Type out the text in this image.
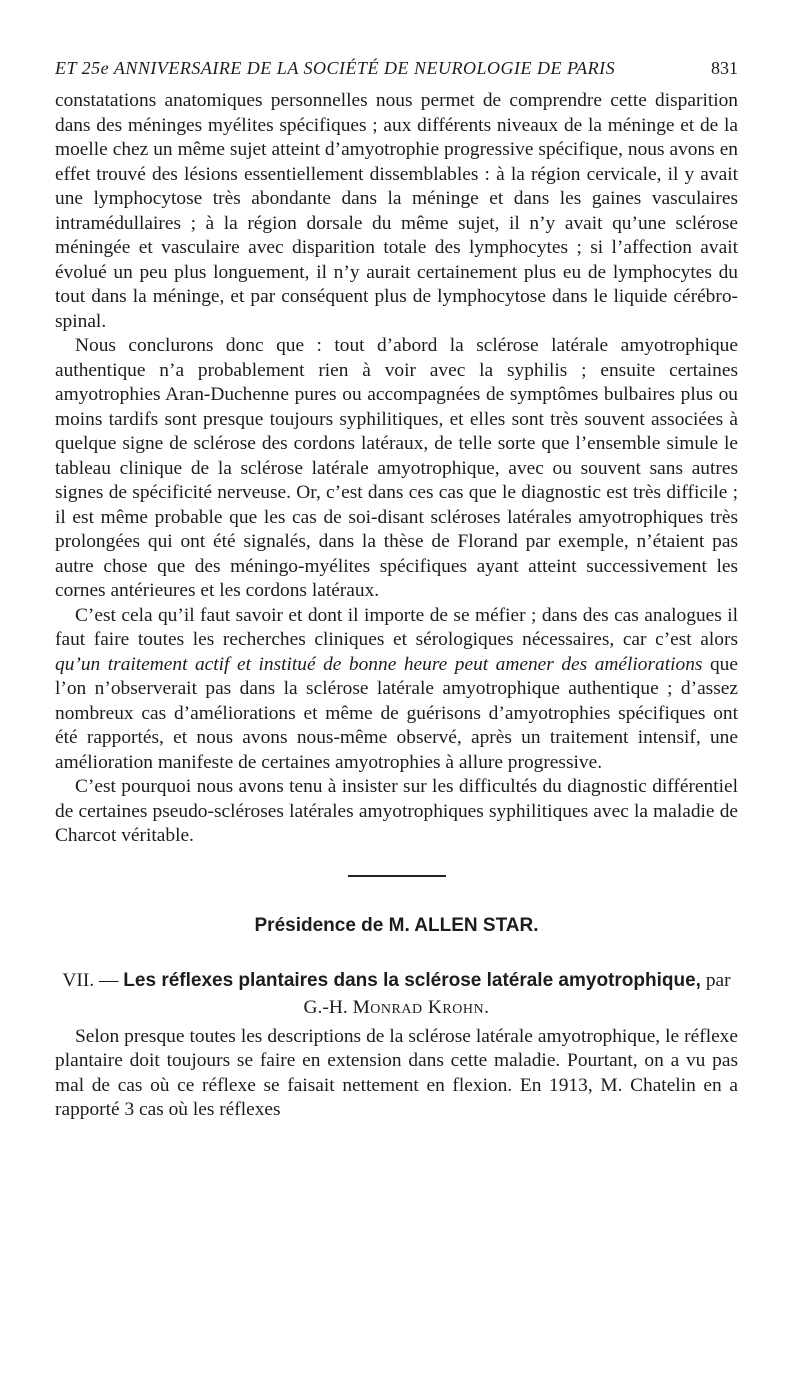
ET 25e ANNIVERSAIRE DE LA SOCIÉTÉ DE NEUROLOGIE DE PARIS	831

constatations anatomiques personnelles nous permet de comprendre cette disparition dans des méninges myélites spécifiques ; aux différents niveaux de la méninge et de la moelle chez un même sujet atteint d’amyotrophie progressive spécifique, nous avons en effet trouvé des lésions essentiellement dissemblables : à la région cervicale, il y avait une lymphocytose très abondante dans la méninge et dans les gaines vasculaires intramédullaires ; à la région dorsale du même sujet, il n’y avait qu’une sclérose méningée et vasculaire avec disparition totale des lymphocytes ; si l’affection avait évolué un peu plus longuement, il n’y aurait certainement plus eu de lymphocytes du tout dans la méninge, et par conséquent plus de lymphocytose dans le liquide cérébro-spinal.

Nous conclurons donc que : tout d’abord la sclérose latérale amyotrophique authentique n’a probablement rien à voir avec la syphilis ; ensuite certaines amyotrophies Aran-Duchenne pures ou accompagnées de symptômes bulbaires plus ou moins tardifs sont presque toujours syphilitiques, et elles sont très souvent associées à quelque signe de sclérose des cordons latéraux, de telle sorte que l’ensemble simule le tableau clinique de la sclérose latérale amyotrophique, avec ou souvent sans autres signes de spécificité nerveuse. Or, c’est dans ces cas que le diagnostic est très difficile ; il est même probable que les cas de soi-disant scléroses latérales amyotrophiques très prolongées qui ont été signalés, dans la thèse de Florand par exemple, n’étaient pas autre chose que des méningo-myélites spécifiques ayant atteint successivement les cornes antérieures et les cordons latéraux.

C’est cela qu’il faut savoir et dont il importe de se méfier ; dans des cas analogues il faut faire toutes les recherches cliniques et sérologiques nécessaires, car c’est alors qu’un traitement actif et institué de bonne heure peut amener des améliorations que l’on n’observerait pas dans la sclérose latérale amyotrophique authentique ; d’assez nombreux cas d’améliorations et même de guérisons d’amyotrophies spécifiques ont été rapportés, et nous avons nous-même observé, après un traitement intensif, une amélioration manifeste de certaines amyotrophies à allure progressive.

C’est pourquoi nous avons tenu à insister sur les difficultés du diagnostic différentiel de certaines pseudo-scléroses latérales amyotrophiques syphilitiques avec la maladie de Charcot véritable.

Présidence de M. ALLEN STAR.
VII. — Les réflexes plantaires dans la sclérose latérale amyotrophique, par G.-H. Monrad Krohn.

Selon presque toutes les descriptions de la sclérose latérale amyotrophique, le réflexe plantaire doit toujours se faire en extension dans cette maladie. Pourtant, on a vu pas mal de cas où ce réflexe se faisait nettement en flexion. En 1913, M. Chatelin en a rapporté 3 cas où les réflexes
